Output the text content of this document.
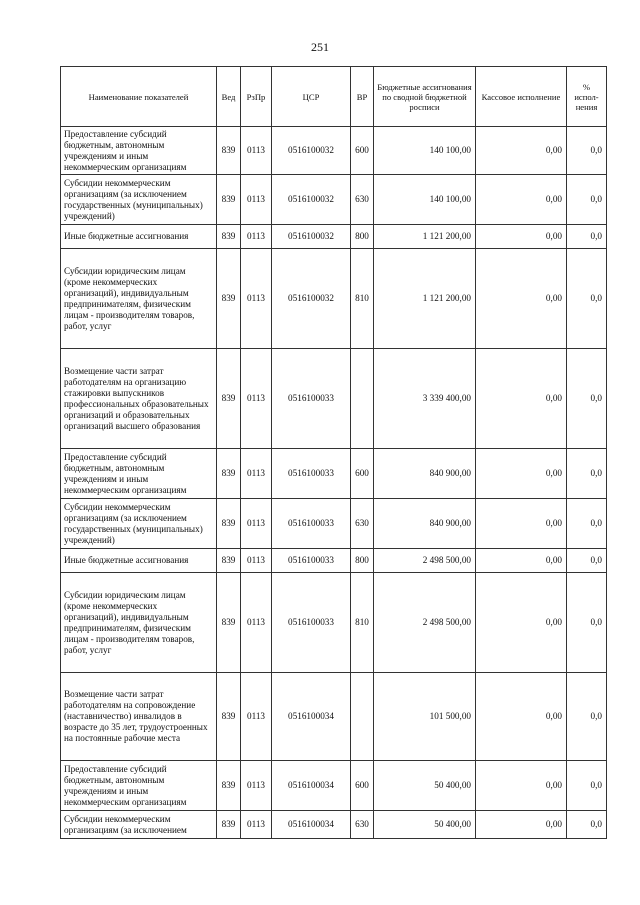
251
Наименование показателей	Вед	РзПр	ЦСР	ВР	Бюджетные ассигнования по сводной бюджетной росписи	Кассовое исполнение	% испол-нения
Предоставление субсидий бюджетным, автономным учреждениям и иным некоммерческим организациям	839	0113	0516100032	600	140 100,00	0,00	0,0
Субсидии некоммерческим организациям (за исключением государственных (муниципальных) учреждений)	839	0113	0516100032	630	140 100,00	0,00	0,0
Иные бюджетные ассигнования	839	0113	0516100032	800	1 121 200,00	0,00	0,0
Субсидии юридическим лицам (кроме некоммерческих организаций), индивидуальным предпринимателям, физическим лицам - производителям товаров, работ, услуг	839	0113	0516100032	810	1 121 200,00	0,00	0,0
Возмещение части затрат работодателям на организацию стажировки выпускников профессиональных образовательных организаций и образовательных организаций высшего образования	839	0113	0516100033		3 339 400,00	0,00	0,0
Предоставление субсидий бюджетным, автономным учреждениям и иным некоммерческим организациям	839	0113	0516100033	600	840 900,00	0,00	0,0
Субсидии некоммерческим организациям (за исключением государственных (муниципальных) учреждений)	839	0113	0516100033	630	840 900,00	0,00	0,0
Иные бюджетные ассигнования	839	0113	0516100033	800	2 498 500,00	0,00	0,0
Субсидии юридическим лицам (кроме некоммерческих организаций), индивидуальным предпринимателям, физическим лицам - производителям товаров, работ, услуг	839	0113	0516100033	810	2 498 500,00	0,00	0,0
Возмещение части затрат работодателям на сопровождение (наставничество) инвалидов в возрасте до 35 лет, трудоустроенных на постоянные рабочие места	839	0113	0516100034		101 500,00	0,00	0,0
Предоставление субсидий бюджетным, автономным учреждениям и иным некоммерческим организациям	839	0113	0516100034	600	50 400,00	0,00	0,0
Субсидии некоммерческим организациям (за исключением	839	0113	0516100034	630	50 400,00	0,00	0,0
